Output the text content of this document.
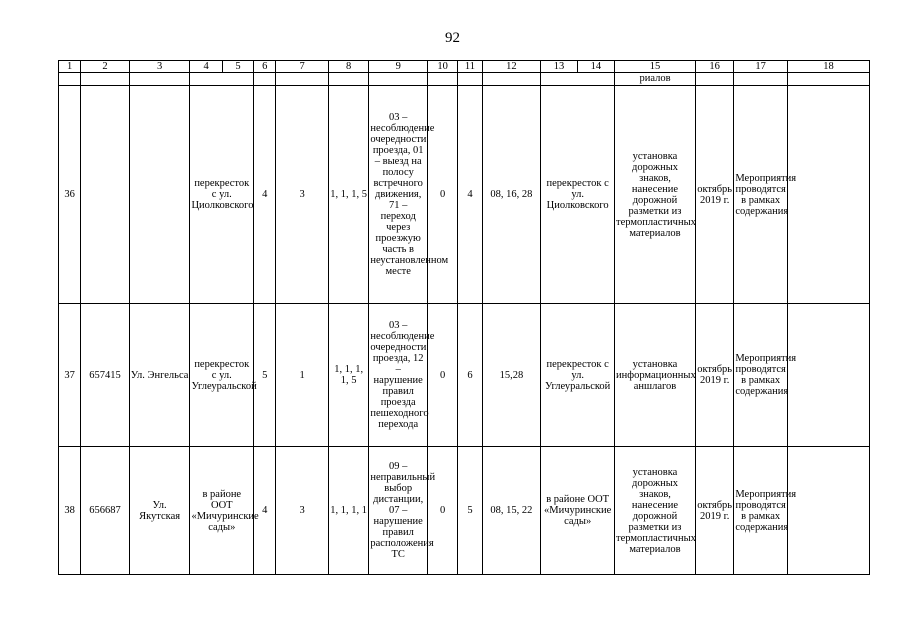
92
1	2	3	4	5	6	7	8	9	10	11	12	13	14	15	16	17	18
														риалов			
36			перекресток с ул. Циолковского		4	3	1, 1, 1, 5	03 – несоблюдение очередности проезда, 01 – выезд на полосу встречного движения, 71 – переход через проезжую часть в неустановленном месте	0	4	08, 16, 28	перекресток с ул. Циолковского		установка дорожных знаков, нанесение дорожной разметки из термопластичных материалов	октябрь 2019 г.	Мероприятия проводятся в рамках содержания	
37	657415	Ул. Энгельса	перекресток с ул. Углеуральской		5	1	1, 1, 1, 1, 5	03 – несоблюдение очередности проезда, 12 – нарушение правил проезда пешеходного перехода	0	6	15,28	перекресток с ул. Углеуральской		установка информационных аншлагов	октябрь 2019 г.	Мероприятия проводятся в рамках содержания	
38	656687	Ул. Якутская	в районе ООТ «Мичуринские сады»		4	3	1, 1, 1, 1	09 – неправильный выбор дистанции, 07 – нарушение правил расположения ТС	0	5	08, 15, 22	в районе ООТ «Мичуринские сады»		установка дорожных знаков, нанесение дорожной разметки из термопластичных материалов	октябрь 2019 г.	Мероприятия проводятся в рамках содержания	
